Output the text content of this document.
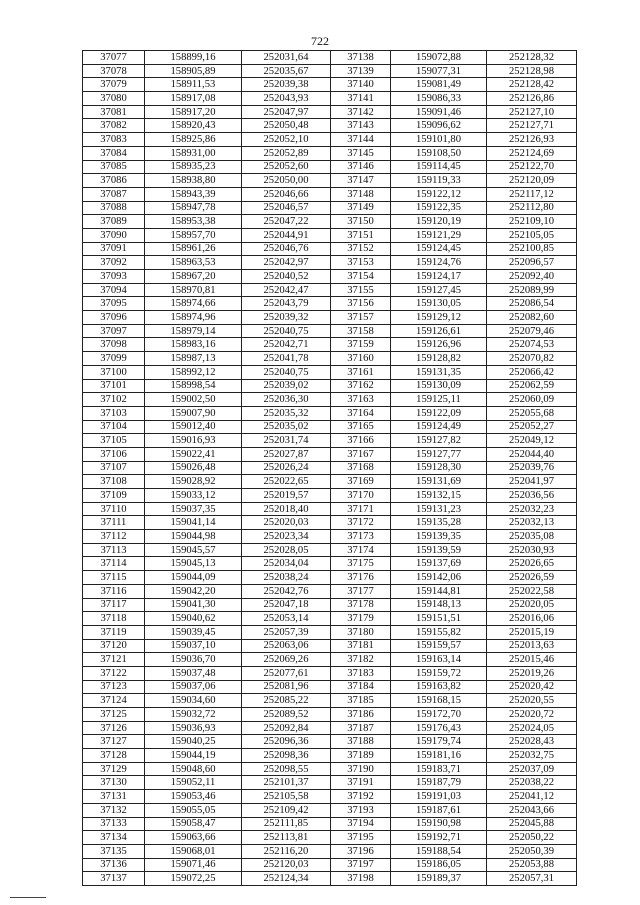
722
37077	158899,16	252031,64	37138	159072,88	252128,32
37078	158905,89	252035,67	37139	159077,31	252128,98
37079	158911,53	252039,38	37140	159081,49	252128,42
37080	158917,08	252043,93	37141	159086,33	252126,86
37081	158917,20	252047,97	37142	159091,46	252127,10
37082	158920,43	252050,48	37143	159096,62	252127,71
37083	158925,86	252052,10	37144	159101,80	252126,93
37084	158931,00	252052,89	37145	159108,50	252124,69
37085	158935,23	252052,60	37146	159114,45	252122,70
37086	158938,80	252050,00	37147	159119,33	252120,09
37087	158943,39	252046,66	37148	159122,12	252117,12
37088	158947,78	252046,57	37149	159122,35	252112,80
37089	158953,38	252047,22	37150	159120,19	252109,10
37090	158957,70	252044,91	37151	159121,29	252105,05
37091	158961,26	252046,76	37152	159124,45	252100,85
37092	158963,53	252042,97	37153	159124,76	252096,57
37093	158967,20	252040,52	37154	159124,17	252092,40
37094	158970,81	252042,47	37155	159127,45	252089,99
37095	158974,66	252043,79	37156	159130,05	252086,54
37096	158974,96	252039,32	37157	159129,12	252082,60
37097	158979,14	252040,75	37158	159126,61	252079,46
37098	158983,16	252042,71	37159	159126,96	252074,53
37099	158987,13	252041,78	37160	159128,82	252070,82
37100	158992,12	252040,75	37161	159131,35	252066,42
37101	158998,54	252039,02	37162	159130,09	252062,59
37102	159002,50	252036,30	37163	159125,11	252060,09
37103	159007,90	252035,32	37164	159122,09	252055,68
37104	159012,40	252035,02	37165	159124,49	252052,27
37105	159016,93	252031,74	37166	159127,82	252049,12
37106	159022,41	252027,87	37167	159127,77	252044,40
37107	159026,48	252026,24	37168	159128,30	252039,76
37108	159028,92	252022,65	37169	159131,69	252041,97
37109	159033,12	252019,57	37170	159132,15	252036,56
37110	159037,35	252018,40	37171	159131,23	252032,23
37111	159041,14	252020,03	37172	159135,28	252032,13
37112	159044,98	252023,34	37173	159139,35	252035,08
37113	159045,57	252028,05	37174	159139,59	252030,93
37114	159045,13	252034,04	37175	159137,69	252026,65
37115	159044,09	252038,24	37176	159142,06	252026,59
37116	159042,20	252042,76	37177	159144,81	252022,58
37117	159041,30	252047,18	37178	159148,13	252020,05
37118	159040,62	252053,14	37179	159151,51	252016,06
37119	159039,45	252057,39	37180	159155,82	252015,19
37120	159037,10	252063,06	37181	159159,57	252013,63
37121	159036,70	252069,26	37182	159163,14	252015,46
37122	159037,48	252077,61	37183	159159,72	252019,26
37123	159037,06	252081,96	37184	159163,82	252020,42
37124	159034,60	252085,22	37185	159168,15	252020,55
37125	159032,72	252089,52	37186	159172,70	252020,72
37126	159036,93	252092,84	37187	159176,43	252024,05
37127	159040,25	252096,36	37188	159179,74	252028,43
37128	159044,19	252098,36	37189	159181,16	252032,75
37129	159048,60	252098,55	37190	159183,71	252037,09
37130	159052,11	252101,37	37191	159187,79	252038,22
37131	159053,46	252105,58	37192	159191,03	252041,12
37132	159055,05	252109,42	37193	159187,61	252043,66
37133	159058,47	252111,85	37194	159190,98	252045,88
37134	159063,66	252113,81	37195	159192,71	252050,22
37135	159068,01	252116,20	37196	159188,54	252050,39
37136	159071,46	252120,03	37197	159186,05	252053,88
37137	159072,25	252124,34	37198	159189,37	252057,31
